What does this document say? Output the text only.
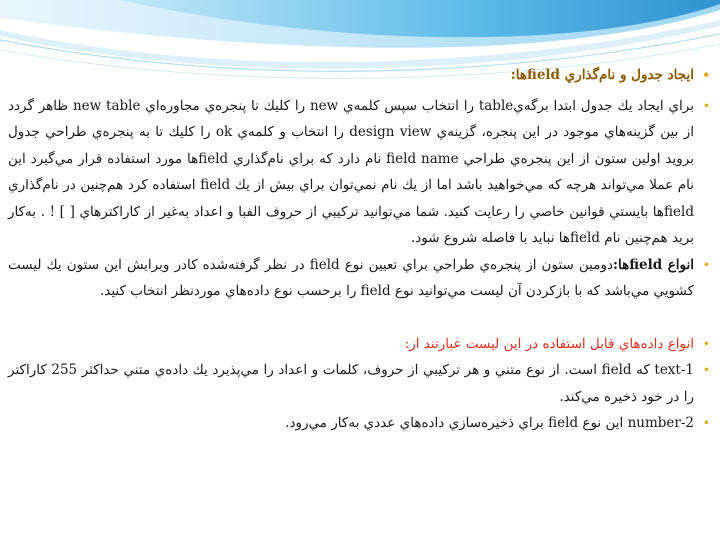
•
ايجاد جدول و نام‌گذاري fieldها:
•
براي ايجاد يك جدول ابتدا برگه‌يtable را انتخاب سپس كلمه‌ي new را كليك تا پنجره‌ي مجاوره‌اي new table ظاهر گردد از بين گزينه‌هاي موجود در اين پنجره، گزينه‌ي design view را انتخاب و كلمه‌ي ok را كليك تا به پنجره‌ي طراحي جدول برويد اولين ستون از اين پنجره‌ي طراحي field name نام دارد كه براي نام‌گذاري fieldها مورد استفاده قرار مي‌گيرد اين نام عملا مي‌تواند هرچه كه مي‌خواهيد باشد اما از يك نام نمي‌توان براي بيش از يك field استفاده كرد هم‌چنين در نام‌گذاري fieldها بايستي قوانين خاصي را رعايت كنيد. شما مي‌توانيد تركيبي از حروف الفبا و اعداد به‌غير از كاراكترهاي [ ] ! . به‌كار بريد هم‌چنين نام fieldها نبايد با فاصله شروع شود.
•
انواع fieldها:دومين ستون از پنجره‌ي طراحي براي تعيين نوع field در نظر گرفته‌شده كادر ويرايش اين ستون يك ليست كشويي مي‌باشد كه با بازكردن آن ليست مي‌توانيد نوع field را برحسب نوع داده‌هاي موردنظر انتخاب كنيد.
•
انواع داده‌هاي قابل استفاده در اين ليست عبارتند از:
•
text-1 كه field است. از نوع متني و هر تركيبي از حروف، كلمات و اعداد را مي‌پذيرد يك داده‌ي متني حداكثر 255 كاراكتر را در خود ذخيره مي‌كند.
•
number-2 اين نوع field براي ذخيره‌سازي داده‌هاي عددي به‌كار مي‌رود.
